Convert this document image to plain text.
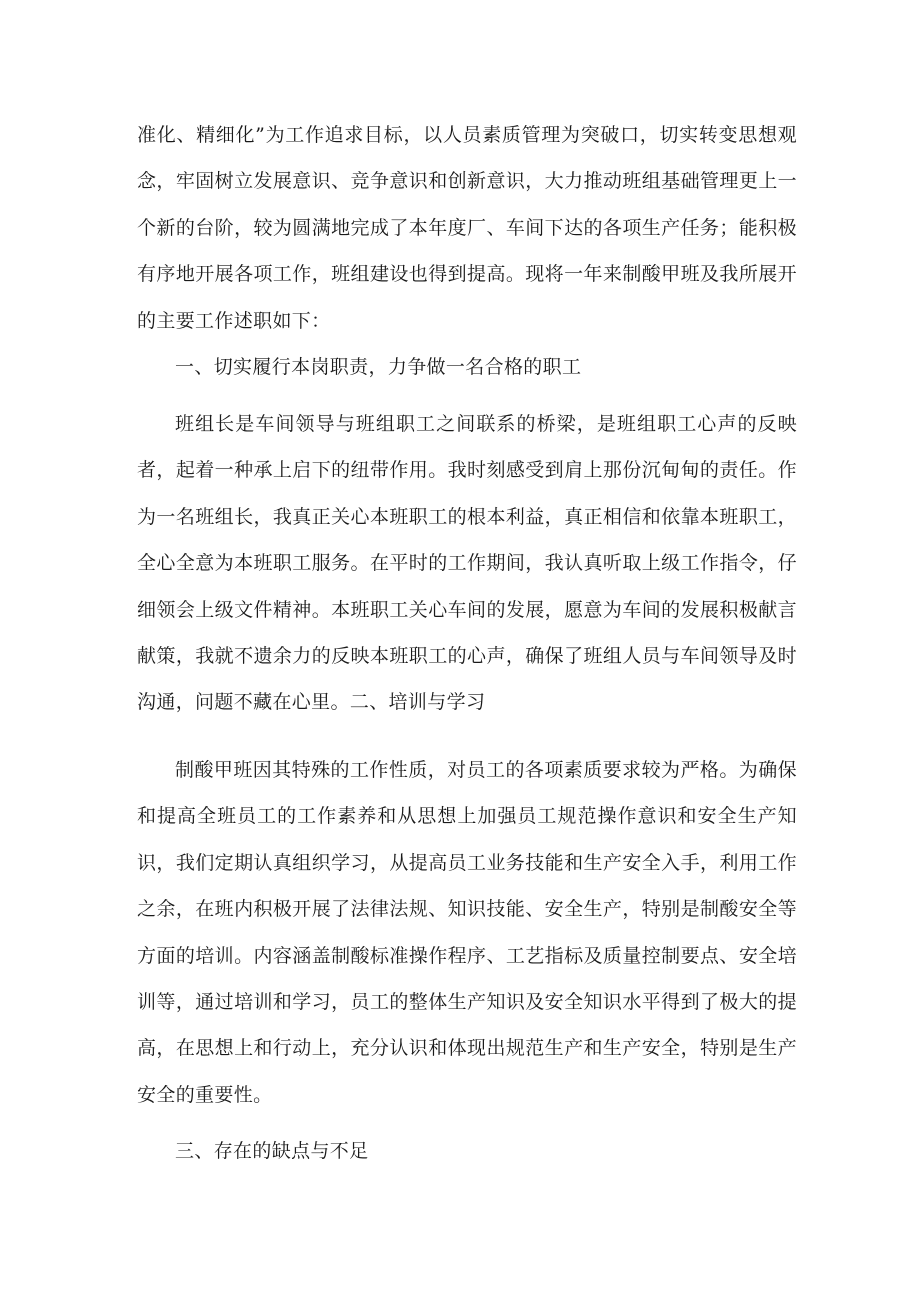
准化、精细化”为工作追求目标，以人员素质管理为突破口，切实转变思想观念，牢固树立发展意识、竞争意识和创新意识，大力推动班组基础管理更上一个新的台阶，较为圆满地完成了本年度厂、车间下达的各项生产任务；能积极有序地开展各项工作，班组建设也得到提高。现将一年来制酸甲班及我所展开的主要工作述职如下：

一、切实履行本岗职责，力争做一名合格的职工

班组长是车间领导与班组职工之间联系的桥梁，是班组职工心声的反映者，起着一种承上启下的纽带作用。我时刻感受到肩上那份沉甸甸的责任。作为一名班组长，我真正关心本班职工的根本利益，真正相信和依靠本班职工，全心全意为本班职工服务。在平时的工作期间，我认真听取上级工作指令，仔细领会上级文件精神。本班职工关心车间的发展，愿意为车间的发展积极献言献策，我就不遗余力的反映本班职工的心声，确保了班组人员与车间领导及时沟通，问题不藏在心里。二、培训与学习

制酸甲班因其特殊的工作性质，对员工的各项素质要求较为严格。为确保和提高全班员工的工作素养和从思想上加强员工规范操作意识和安全生产知识，我们定期认真组织学习，从提高员工业务技能和生产安全入手，利用工作之余，在班内积极开展了法律法规、知识技能、安全生产，特别是制酸安全等方面的培训。内容涵盖制酸标准操作程序、工艺指标及质量控制要点、安全培训等，通过培训和学习，员工的整体生产知识及安全知识水平得到了极大的提高，在思想上和行动上，充分认识和体现出规范生产和生产安全，特别是生产安全的重要性。

三、存在的缺点与不足
